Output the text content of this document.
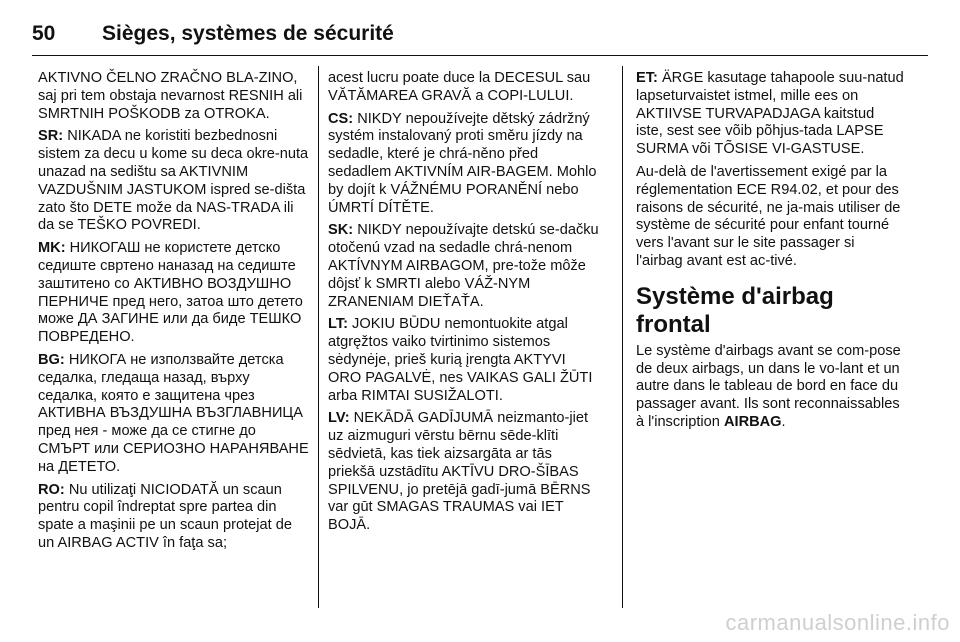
50	Sièges, systèmes de sécurité

AKTIVNO ČELNO ZRAČNO BLA-ZINO, saj pri tem obstaja nevarnost RESNIH ali SMRTNIH POŠKODB za OTROKA.

SR: NIKADA ne koristiti bezbednosni sistem za decu u kome su deca okre-nuta unazad na sedištu sa AKTIVNIM VAZDUŠNIM JASTUKOM ispred se-dišta zato što DETE može da NAS-TRADA ili da se TEŠKO POVREDI.

MK: НИКОГАШ не користете детско седиште свртено наназад на седиште заштитено со АКТИВНО ВОЗДУШНО ПЕРНИЧЕ пред него, затоа што детето може ДА ЗАГИНЕ или да биде ТЕШКО ПОВРЕДЕНО.

BG: НИКОГА не използвайте детска седалка, гледаща назад, върху седалка, която е защитена чрез АКТИВНА ВЪЗДУШНА ВЪЗГЛАВНИЦА пред нея - може да се стигне до СМЪРТ или СЕРИОЗНО НАРАНЯВАНЕ на ДЕТЕТО.

RO: Nu utilizaţi NICIODATĂ un scaun pentru copil îndreptat spre partea din spate a maşinii pe un scaun protejat de un AIRBAG ACTIV în faţa sa;

acest lucru poate duce la DECESUL sau VĂTĂMAREA GRAVĂ a COPI-LULUI.

CS: NIKDY nepoužívejte dětský zádržný systém instalovaný proti směru jízdy na sedadle, které je chrá-něno před sedadlem AKTIVNÍM AIR-BAGEM. Mohlo by dojít k VÁŽNÉMU PORANĚNÍ nebo ÚMRTÍ DÍTĚTE.

SK: NIKDY nepoužívajte detskú se-dačku otočenú vzad na sedadle chrá-nenom AKTÍVNYM AIRBAGOM, pre-tože môže dôjsť k SMRTI alebo VÁŽ-NYM ZRANENIAM DIEŤAŤA.

LT: JOKIU BŪDU nemontuokite atgal atgręžtos vaiko tvirtinimo sistemos sėdynėje, prieš kurią įrengta AKTYVI ORO PAGALVĖ, nes VAIKAS GALI ŽŪTI arba RIMTAI SUSIŽALOTI.

LV: NEKĀDĀ GADĪJUMĀ neizmanto-jiet uz aizmuguri vērstu bērnu sēde-klīti sēdvietā, kas tiek aizsargāta ar tās priekšā uzstādītu AKTĪVU DRO-ŠĪBAS SPILVENU, jo pretējā gadī-jumā BĒRNS var gūt SMAGAS TRAUMAS vai IET BOJĀ.

ET: ÄRGE kasutage tahapoole suu-natud lapseturvaistet istmel, mille ees on AKTIIVSE TURVAPADJAGA kaitstud iste, sest see võib põhjus-tada LAPSE SURMA või TÕSISE VI-GASTUSE.

Au-delà de l'avertissement exigé par la réglementation ECE R94.02, et pour des raisons de sécurité, ne ja-mais utiliser de système de sécurité pour enfant tourné vers l'avant sur le site passager si l'airbag avant est ac-tivé.

Système d'airbag frontal

Le système d'airbags avant se com-pose de deux airbags, un dans le vo-lant et un autre dans le tableau de bord en face du passager avant. Ils sont reconnaissables à l'inscription AIRBAG.

carmanualsonline.info
